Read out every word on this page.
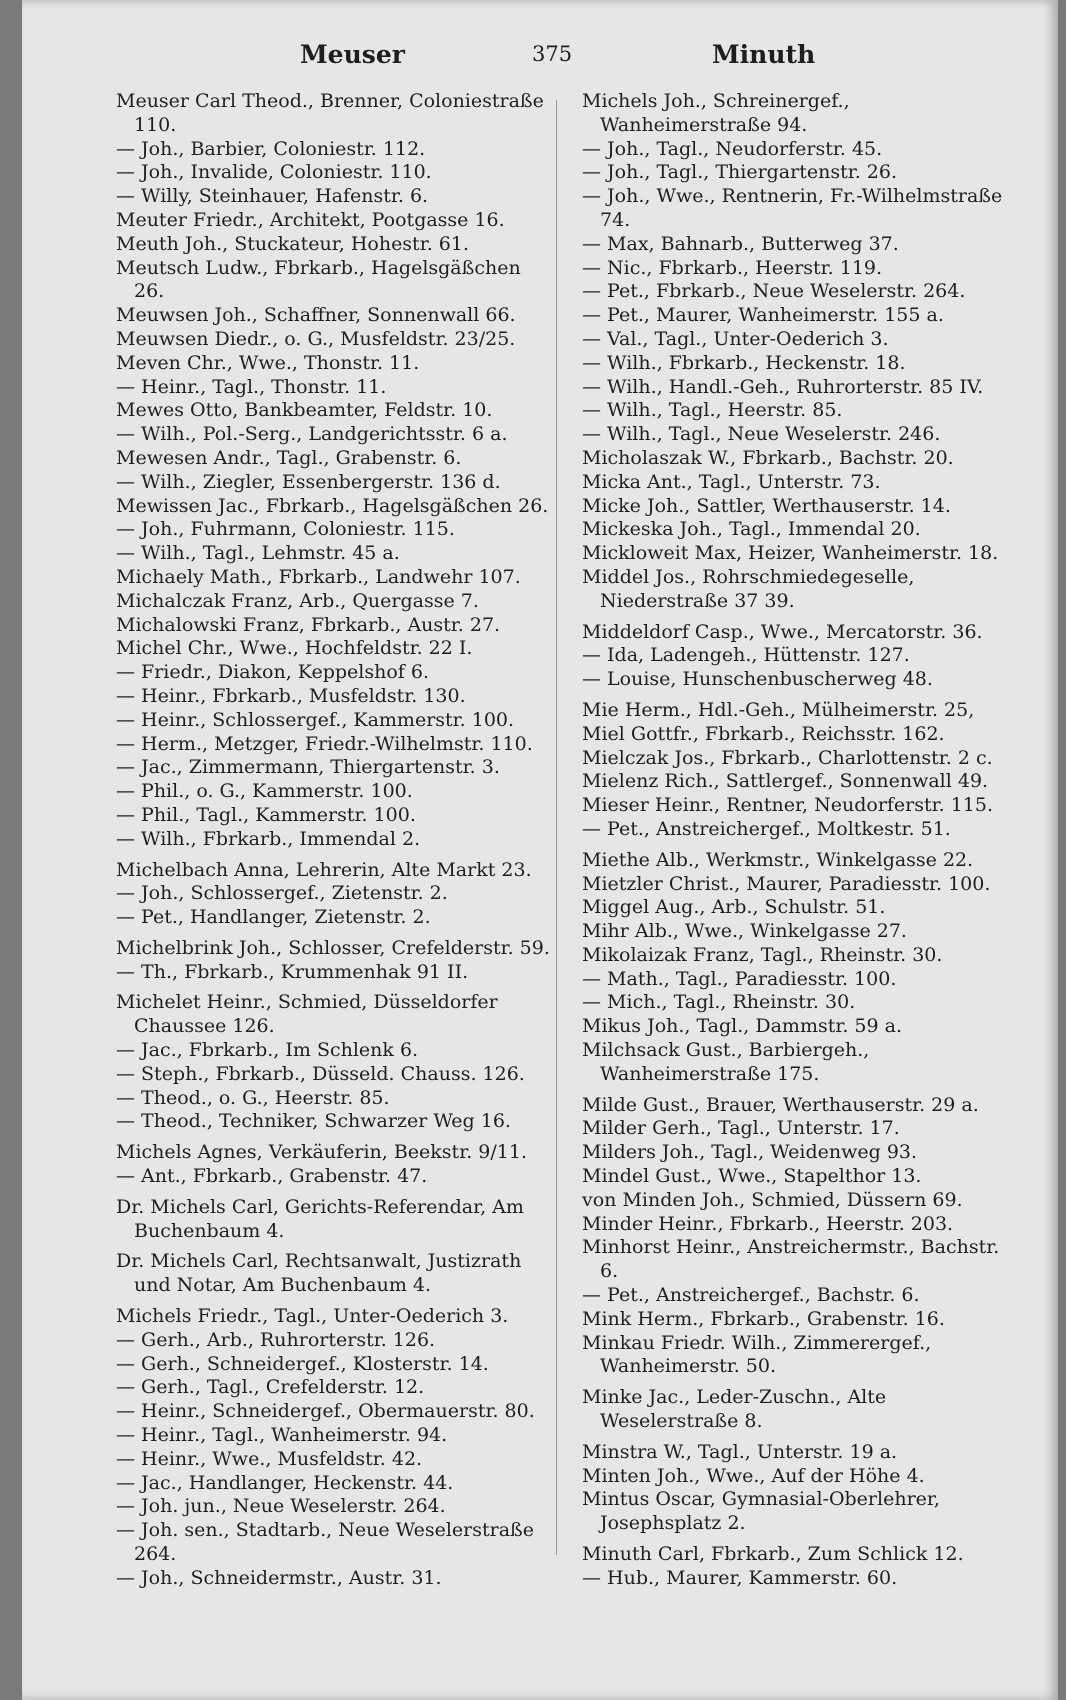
Meuser	375	Minuth

Meuser Carl Theod., Brenner, Coloniestraße 110.

— Joh., Barbier, Coloniestr. 112.

— Joh., Invalide, Coloniestr. 110.

— Willy, Steinhauer, Hafenstr. 6.

Meuter Friedr., Architekt, Pootgasse 16.

Meuth Joh., Stuckateur, Hohestr. 61.

Meutsch Ludw., Fbrkarb., Hagelsgäßchen 26.

Meuwsen Joh., Schaffner, Sonnenwall 66.

Meuwsen Diedr., o. G., Musfeldstr. 23/25.

Meven Chr., Wwe., Thonstr. 11.

— Heinr., Tagl., Thonstr. 11.

Mewes Otto, Bankbeamter, Feldstr. 10.

— Wilh., Pol.-Serg., Landgerichtsstr. 6 a.

Mewesen Andr., Tagl., Grabenstr. 6.

— Wilh., Ziegler, Essenbergerstr. 136 d.

Mewissen Jac., Fbrkarb., Hagelsgäßchen 26.

— Joh., Fuhrmann, Coloniestr. 115.

— Wilh., Tagl., Lehmstr. 45 a.

Michaely Math., Fbrkarb., Landwehr 107.

Michalczak Franz, Arb., Quergasse 7.

Michalowski Franz, Fbrkarb., Austr. 27.

Michel Chr., Wwe., Hochfeldstr. 22 I.

— Friedr., Diakon, Keppelshof 6.

— Heinr., Fbrkarb., Musfeldstr. 130.

— Heinr., Schlossergef., Kammerstr. 100.

— Herm., Metzger, Friedr.-Wilhelmstr. 110.

— Jac., Zimmermann, Thiergartenstr. 3.

— Phil., o. G., Kammerstr. 100.

— Phil., Tagl., Kammerstr. 100.

— Wilh., Fbrkarb., Immendal 2.

Michelbach Anna, Lehrerin, Alte Markt 23.

— Joh., Schlossergef., Zietenstr. 2.

— Pet., Handlanger, Zietenstr. 2.

Michelbrink Joh., Schlosser, Crefelderstr. 59.

— Th., Fbrkarb., Krummenhak 91 II.

Michelet Heinr., Schmied, Düsseldorfer Chaussee 126.

— Jac., Fbrkarb., Im Schlenk 6.

— Steph., Fbrkarb., Düsseld. Chauss. 126.

— Theod., o. G., Heerstr. 85.

— Theod., Techniker, Schwarzer Weg 16.

Michels Agnes, Verkäuferin, Beekstr. 9/11.

— Ant., Fbrkarb., Grabenstr. 47.

Dr. Michels Carl, Gerichts-Referendar, Am Buchenbaum 4.

Dr. Michels Carl, Rechtsanwalt, Justizrath und Notar, Am Buchenbaum 4.

Michels Friedr., Tagl., Unter-Oederich 3.

— Gerh., Arb., Ruhrorterstr. 126.

— Gerh., Schneidergef., Klosterstr. 14.

— Gerh., Tagl., Crefelderstr. 12.

— Heinr., Schneidergef., Obermauerstr. 80.

— Heinr., Tagl., Wanheimerstr. 94.

— Heinr., Wwe., Musfeldstr. 42.

— Jac., Handlanger, Heckenstr. 44.

— Joh. jun., Neue Weselerstr. 264.

— Joh. sen., Stadtarb., Neue Weselerstraße 264.

— Joh., Schneidermstr., Austr. 31.

Michels Joh., Schreinergef., Wanheimerstraße 94.

— Joh., Tagl., Neudorferstr. 45.

— Joh., Tagl., Thiergartenstr. 26.

— Joh., Wwe., Rentnerin, Fr.-Wilhelmstraße 74.

— Max, Bahnarb., Butterweg 37.

— Nic., Fbrkarb., Heerstr. 119.

— Pet., Fbrkarb., Neue Weselerstr. 264.

— Pet., Maurer, Wanheimerstr. 155 a.

— Val., Tagl., Unter-Oederich 3.

— Wilh., Fbrkarb., Heckenstr. 18.

— Wilh., Handl.-Geh., Ruhrorterstr. 85 IV.

— Wilh., Tagl., Heerstr. 85.

— Wilh., Tagl., Neue Weselerstr. 246.

Micholaszak W., Fbrkarb., Bachstr. 20.

Micka Ant., Tagl., Unterstr. 73.

Micke Joh., Sattler, Werthauserstr. 14.

Mickeska Joh., Tagl., Immendal 20.

Mickloweit Max, Heizer, Wanheimerstr. 18.

Middel Jos., Rohrschmiedegeselle, Niederstraße 37 39.

Middeldorf Casp., Wwe., Mercatorstr. 36.

— Ida, Ladengeh., Hüttenstr. 127.

— Louise, Hunschenbuscherweg 48.

Mie Herm., Hdl.-Geh., Mülheimerstr. 25,

Miel Gottfr., Fbrkarb., Reichsstr. 162.

Mielczak Jos., Fbrkarb., Charlottenstr. 2 c.

Mielenz Rich., Sattlergef., Sonnenwall 49.

Mieser Heinr., Rentner, Neudorferstr. 115.

— Pet., Anstreichergef., Moltkestr. 51.

Miethe Alb., Werkmstr., Winkelgasse 22.

Mietzler Christ., Maurer, Paradiesstr. 100.

Miggel Aug., Arb., Schulstr. 51.

Mihr Alb., Wwe., Winkelgasse 27.

Mikolaizak Franz, Tagl., Rheinstr. 30.

— Math., Tagl., Paradiesstr. 100.

— Mich., Tagl., Rheinstr. 30.

Mikus Joh., Tagl., Dammstr. 59 a.

Milchsack Gust., Barbiergeh., Wanheimerstraße 175.

Milde Gust., Brauer, Werthauserstr. 29 a.

Milder Gerh., Tagl., Unterstr. 17.

Milders Joh., Tagl., Weidenweg 93.

Mindel Gust., Wwe., Stapelthor 13.

von Minden Joh., Schmied, Düssern 69.

Minder Heinr., Fbrkarb., Heerstr. 203.

Minhorst Heinr., Anstreichermstr., Bachstr. 6.

— Pet., Anstreichergef., Bachstr. 6.

Mink Herm., Fbrkarb., Grabenstr. 16.

Minkau Friedr. Wilh., Zimmerergef., Wanheimerstr. 50.

Minke Jac., Leder-Zuschn., Alte Weselerstraße 8.

Minstra W., Tagl., Unterstr. 19 a.

Minten Joh., Wwe., Auf der Höhe 4.

Mintus Oscar, Gymnasial-Oberlehrer, Josephsplatz 2.

Minuth Carl, Fbrkarb., Zum Schlick 12.

— Hub., Maurer, Kammerstr. 60.
